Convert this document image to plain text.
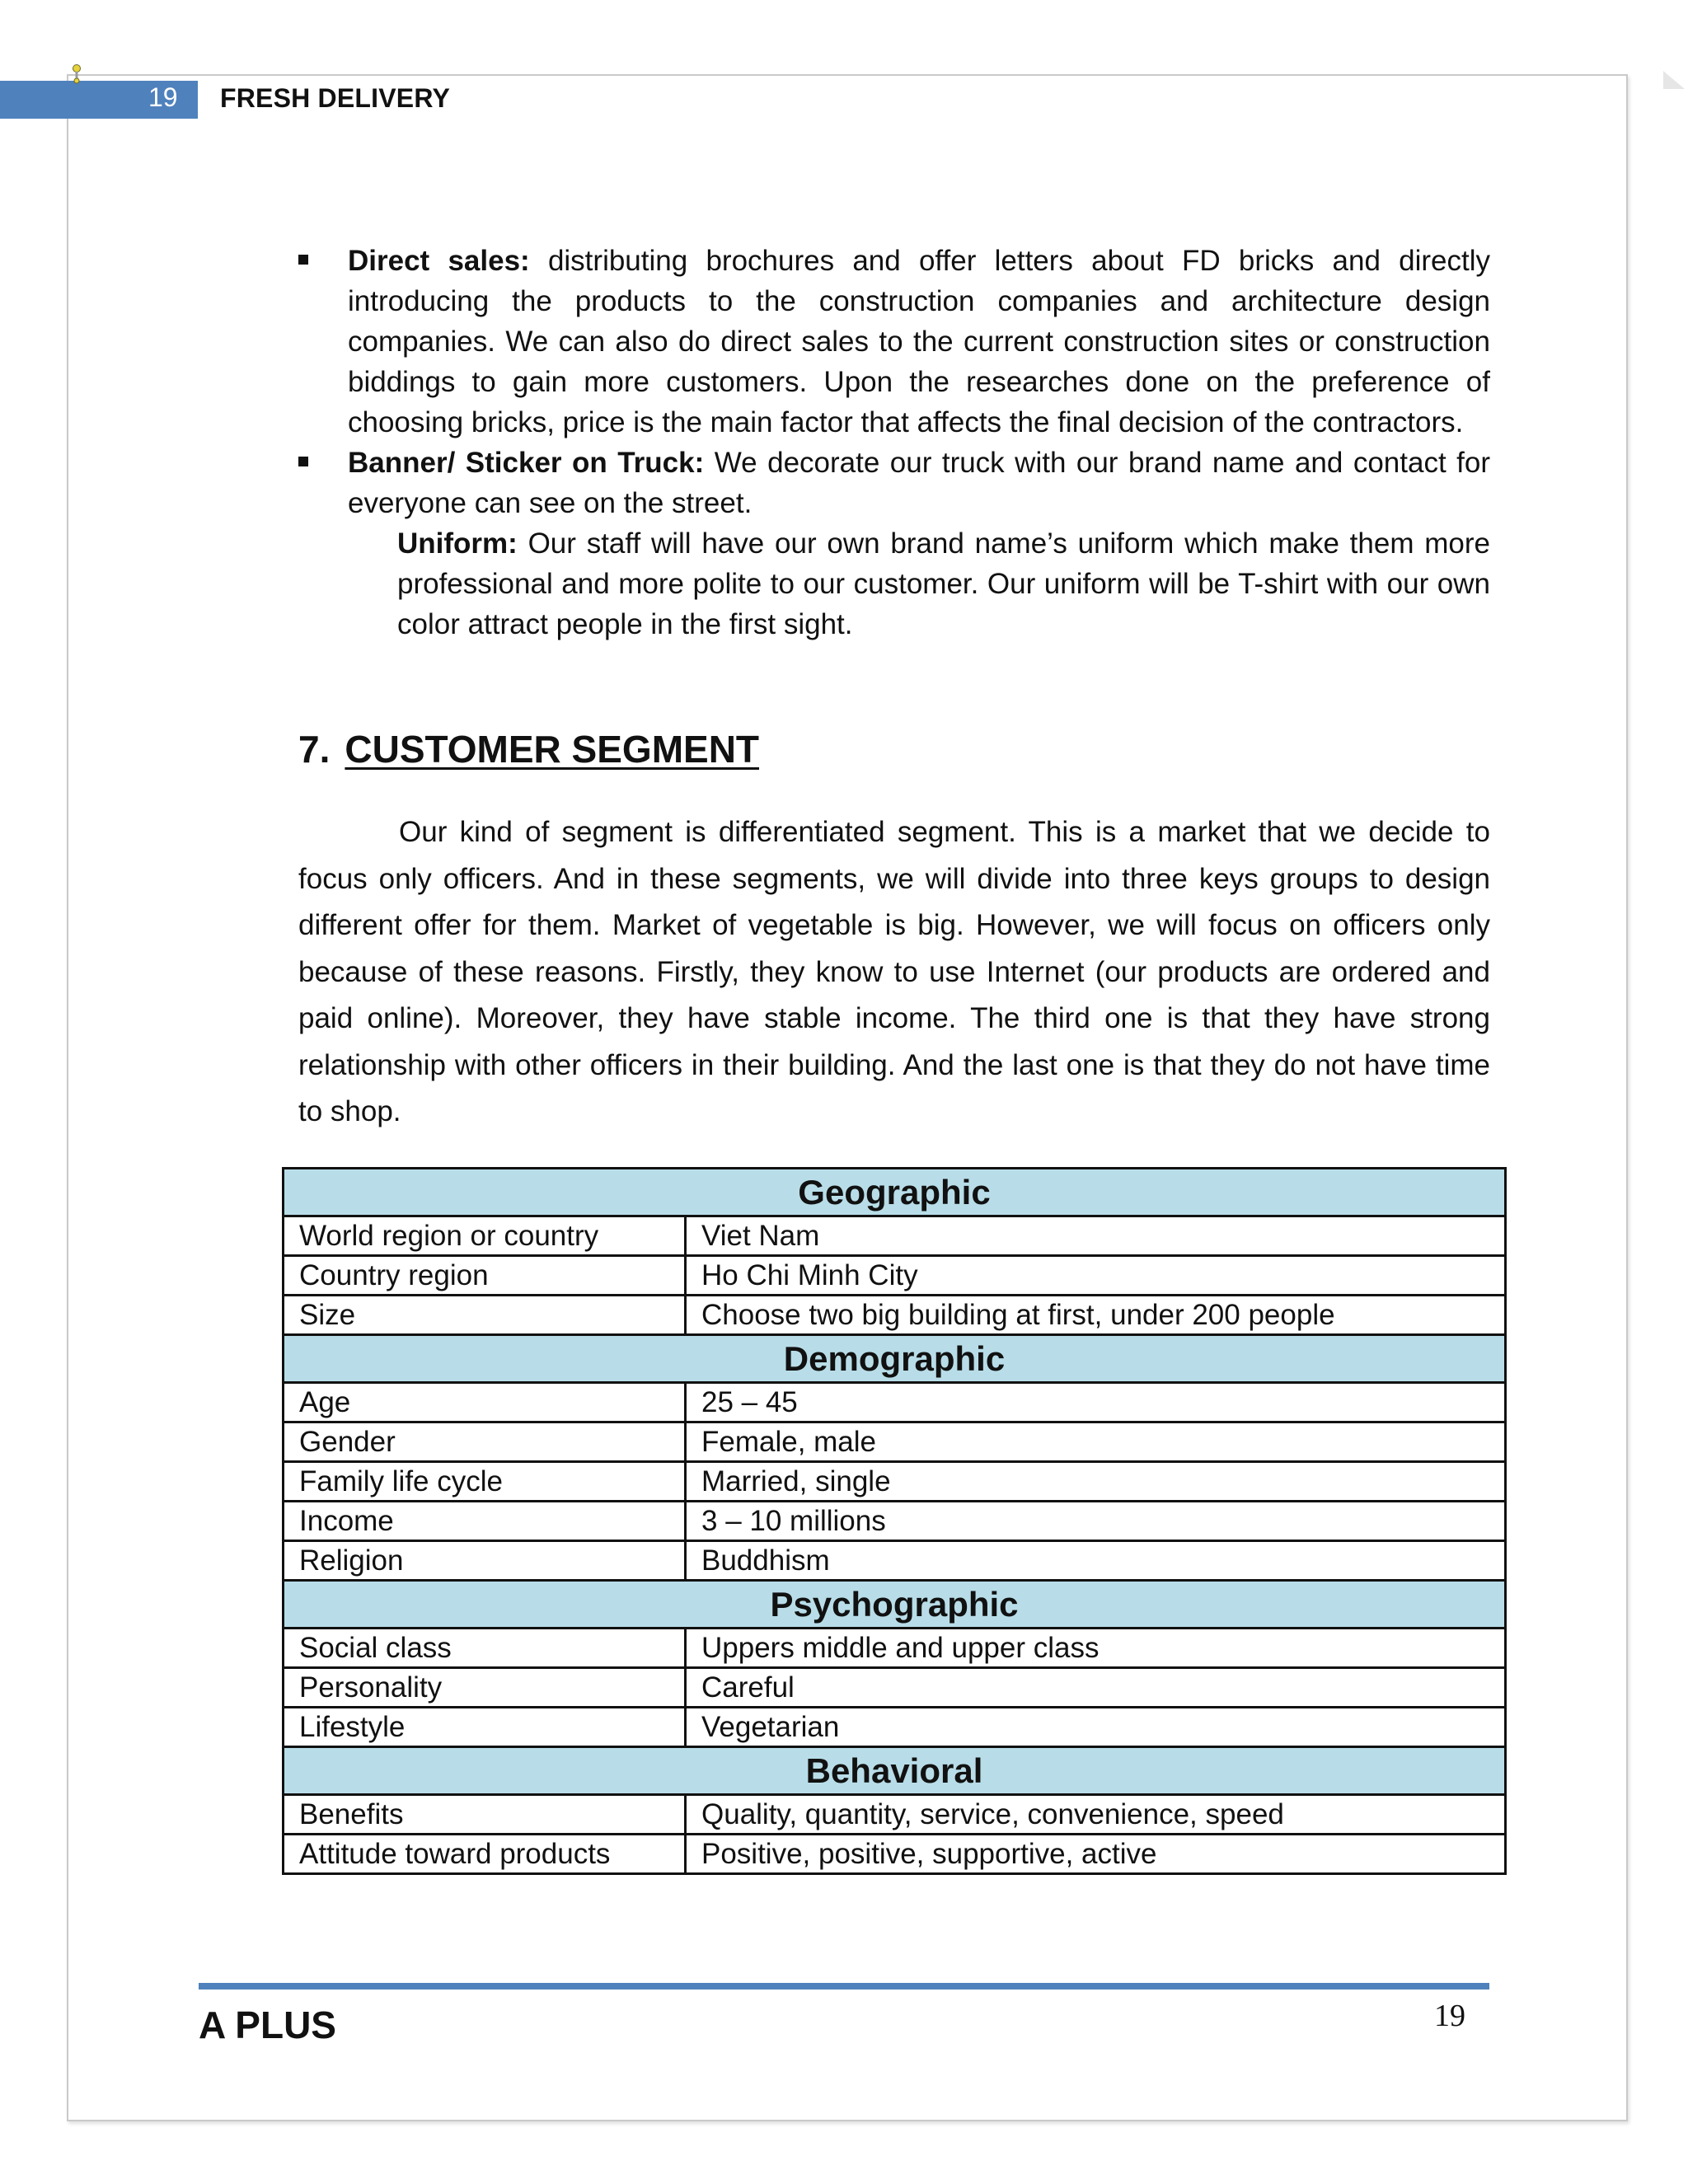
19 FRESH DELIVERY
Direct sales: distributing brochures and offer letters about FD bricks and directly introducing the products to the construction companies and architecture design companies. We can also do direct sales to the current construction sites or construction biddings to gain more customers. Upon the researches done on the preference of choosing bricks, price is the main factor that affects the final decision of the contractors.
Banner/ Sticker on Truck: We decorate our truck with our brand name and contact for everyone can see on the street.
Uniform: Our staff will have our own brand name’s uniform which make them more professional and more polite to our customer. Our uniform will be T-shirt with our own color attract people in the first sight.
7. CUSTOMER SEGMENT
Our kind of segment is differentiated segment. This is a market that we decide to focus only officers. And in these segments, we will divide into three keys groups to design different offer for them. Market of vegetable is big. However, we will focus on officers only because of these reasons. Firstly, they know to use Internet (our products are ordered and paid online). Moreover, they have stable income. The third one is that they have strong relationship with other officers in their building. And the last one is that they do not have time to shop.
Geographic	
World region or country	Viet Nam
Country region	Ho Chi Minh City
Size	Choose two big building at first, under 200 people
Demographic	
Age	25 – 45
Gender	Female, male
Family life cycle	Married, single
Income	3 – 10 millions
Religion	Buddhism
Psychographic	
Social class	Uppers middle and upper class
Personality	Careful
Lifestyle	Vegetarian
Behavioral	
Benefits	Quality, quantity, service, convenience, speed
Attitude toward products	Positive, positive, supportive, active
A PLUS	19
